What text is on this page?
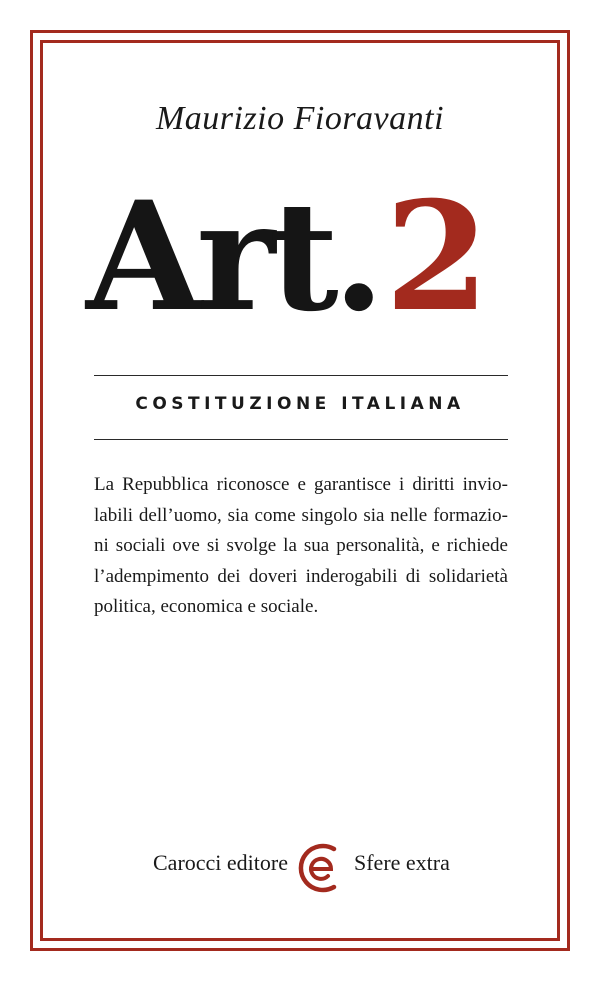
Maurizio Fioravanti
Art.2
COSTITUZIONE ITALIANA
La Repubblica riconosce e garantisce i diritti invio-
labili dell’uomo, sia come singolo sia nelle formazio-
ni sociali ove si svolge la sua personalità, e richiede
l’adempimento dei doveri inderogabili di solidarietà
politica, economica e sociale.
Carocci editore	Sfere extra
